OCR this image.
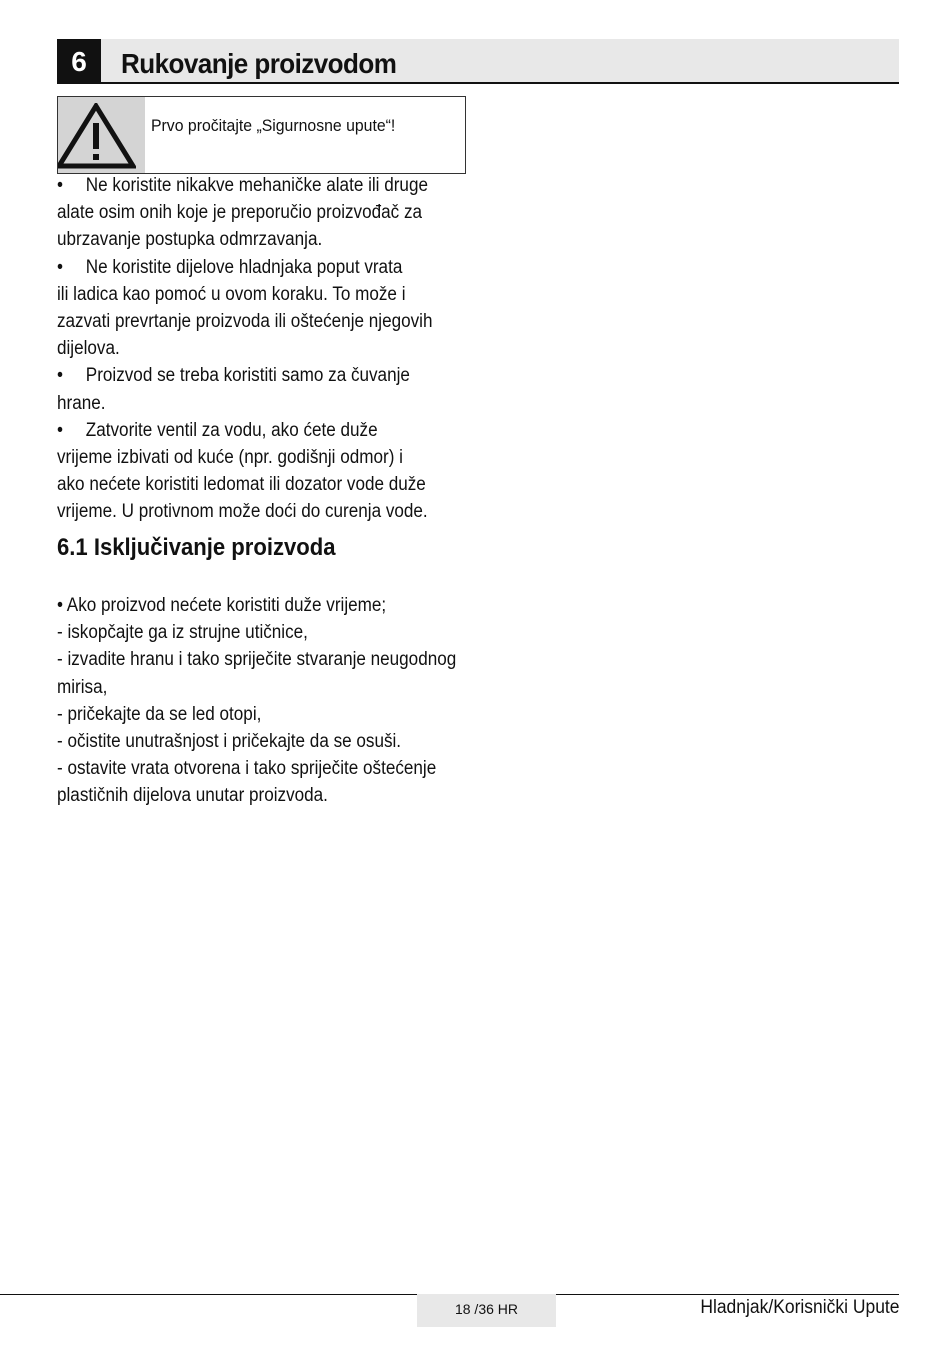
6	Rukovanje proizvodom
Prvo pročitajte „Sigurnosne upute“!
• Ne koristite nikakve mehaničke alate ili druge
alate osim onih koje je preporučio proizvođač za
ubrzavanje postupka odmrzavanja.
• Ne koristite dijelove hladnjaka poput vrata
ili ladica kao pomoć u ovom koraku. To može i
zazvati prevrtanje proizvoda ili oštećenje njegovih
dijelova.
• Proizvod se treba koristiti samo za čuvanje
hrane.
• Zatvorite ventil za vodu, ako ćete duže
vrijeme izbivati od kuće (npr. godišnji odmor) i
ako nećete koristiti ledomat ili dozator vode duže
vrijeme. U protivnom može doći do curenja vode.
6.1 Isključivanje proizvoda
• Ako proizvod nećete koristiti duže vrijeme;
- iskopčajte ga iz strujne utičnice,
- izvadite hranu i tako spriječite stvaranje neugodnog
mirisa,
- pričekajte da se led otopi,
- očistite unutrašnjost i pričekajte da se osuši.
- ostavite vrata otvorena i tako spriječite oštećenje
plastičnih dijelova unutar proizvoda.
18 /36 HR	Hladnjak/Korisnički Upute
